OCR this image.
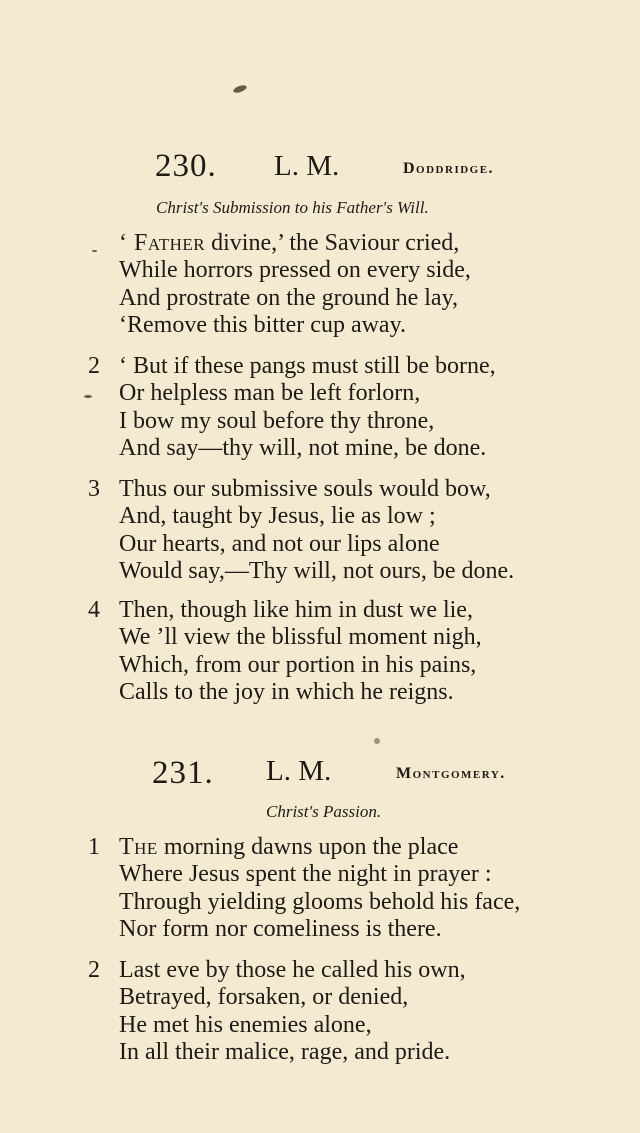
230. L. M.	Doddridge.
Christ's Submission to his Father's Will.
‘ Father divine,’ the Saviour cried,
While horrors pressed on every side,
And prostrate on the ground he lay,
‘Remove this bitter cup away.
2 ‘ But if these pangs must still be borne,
Or helpless man be left forlorn,
I bow my soul before thy throne,
And say—thy will, not mine, be done.
3 Thus our submissive souls would bow,
And, taught by Jesus, lie as low ;
Our hearts, and not our lips alone
Would say,—Thy will, not ours, be done.
4 Then, though like him in dust we lie,
We ’ll view the blissful moment nigh,
Which, from our portion in his pains,
Calls to the joy in which he reigns.
231. L. M.	Montgomery.
Christ's Passion.
1 The morning dawns upon the place
Where Jesus spent the night in prayer :
Through yielding glooms behold his face,
Nor form nor comeliness is there.
2 Last eve by those he called his own,
Betrayed, forsaken, or denied,
He met his enemies alone,
In all their malice, rage, and pride.
